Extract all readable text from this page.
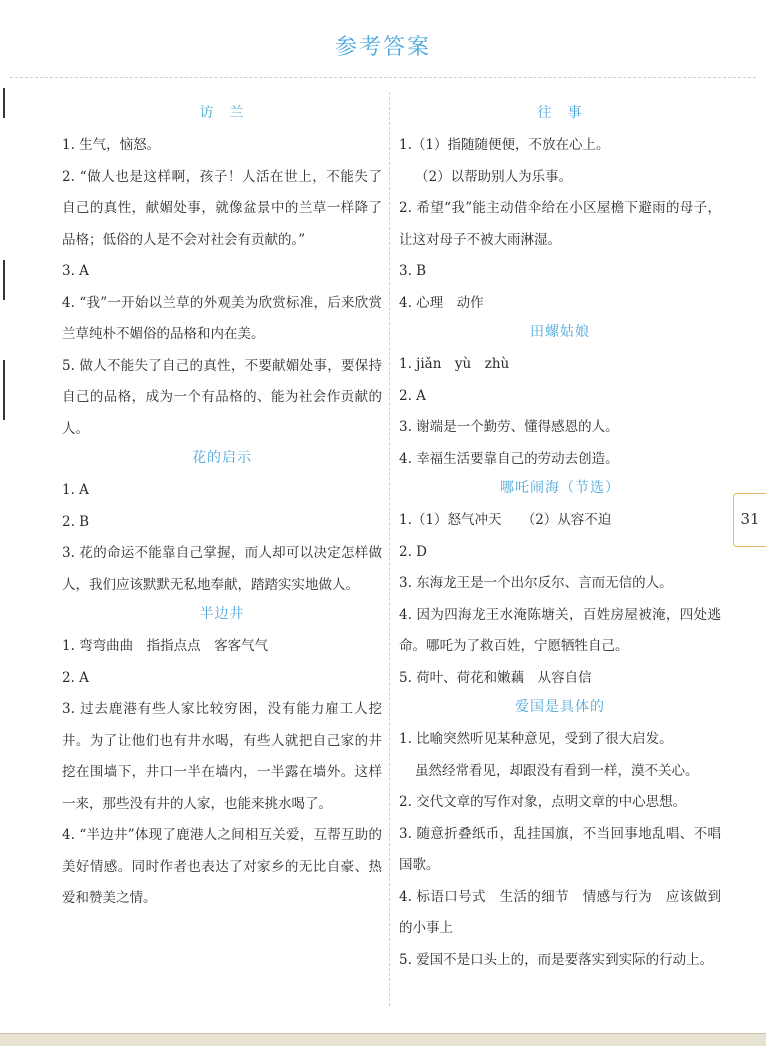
参考答案
访　兰
1. 生气，恼怒。
2. “做人也是这样啊，孩子！人活在世上，不能失了自己的真性，献媚处事，就像盆景中的兰草一样降了品格；低俗的人是不会对社会有贡献的。”
3. A
4. “我”一开始以兰草的外观美为欣赏标准，后来欣赏兰草纯朴不媚俗的品格和内在美。
5. 做人不能失了自己的真性，不要献媚处事，要保持自己的品格，成为一个有品格的、能为社会作贡献的人。
花的启示
1. A
2. B
3. 花的命运不能靠自己掌握，而人却可以决定怎样做人，我们应该默默无私地奉献，踏踏实实地做人。
半边井
1. 弯弯曲曲　指指点点　客客气气
2. A
3. 过去鹿港有些人家比较穷困，没有能力雇工人挖井。为了让他们也有井水喝，有些人就把自己家的井挖在围墙下，井口一半在墙内，一半露在墙外。这样一来，那些没有井的人家，也能来挑水喝了。
4. “半边井”体现了鹿港人之间相互关爱，互帮互助的美好情感。同时作者也表达了对家乡的无比自豪、热爱和赞美之情。
往　事
1.（1）指随随便便，不放在心上。
（2）以帮助别人为乐事。
2. 希望“我”能主动借伞给在小区屋檐下避雨的母子，让这对母子不被大雨淋湿。
3. B
4. 心理　动作
田螺姑娘
1. jiǎn　yù　zhù
2. A
3. 谢端是一个勤劳、懂得感恩的人。
4. 幸福生活要靠自己的劳动去创造。
哪吒闹海（节选）
1.（1）怒气冲天　　（2）从容不迫
2. D
3. 东海龙王是一个出尔反尔、言而无信的人。
4. 因为四海龙王水淹陈塘关，百姓房屋被淹，四处逃命。哪吒为了救百姓，宁愿牺牲自己。
5. 荷叶、荷花和嫩藕　从容自信
爱国是具体的
1. 比喻突然听见某种意见，受到了很大启发。
虽然经常看见，却跟没有看到一样，漠不关心。
2. 交代文章的写作对象，点明文章的中心思想。
3. 随意折叠纸币，乱挂国旗，不当回事地乱唱、不唱国歌。
4. 标语口号式　生活的细节　情感与行为　应该做到的小事上
5. 爱国不是口头上的，而是要落实到实际的行动上。
31
